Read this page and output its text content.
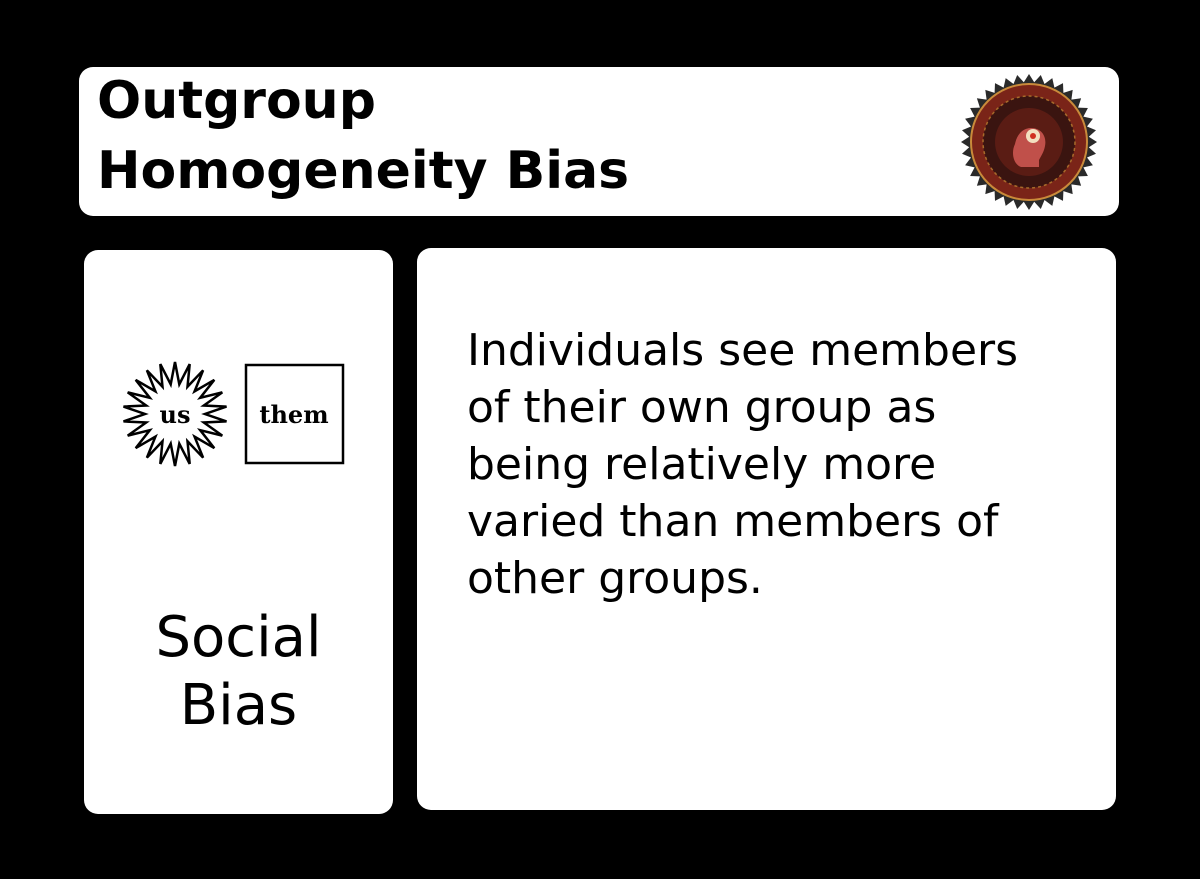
Outgroup
Homogeneity Bias
us	them
Social
Bias
Individuals see members
of their own group as
being relatively more
varied than members of
other groups.
